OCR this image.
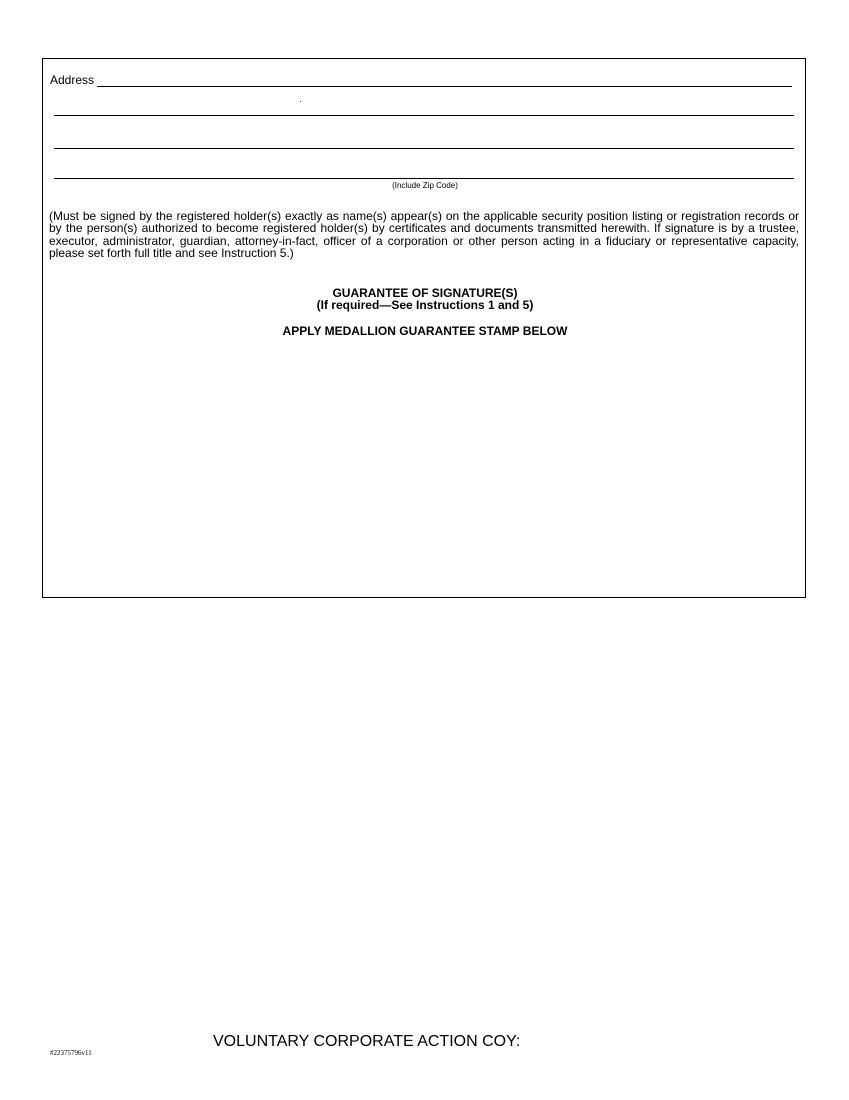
Address
(Include Zip Code)

(Must be signed by the registered holder(s) exactly as name(s) appear(s) on the applicable security position listing or registration records or by the person(s) authorized to become registered holder(s) by certificates and documents transmitted herewith. If signature is by a trustee, executor, administrator, guardian, attorney-in-fact, officer of a corporation or other person acting in a fiduciary or representative capacity, please set forth full title and see Instruction 5.)

GUARANTEE OF SIGNATURE(S)
(If required—See Instructions 1 and 5)
APPLY MEDALLION GUARANTEE STAMP BELOW
#22375796v11
VOLUNTARY CORPORATE ACTION COY:
